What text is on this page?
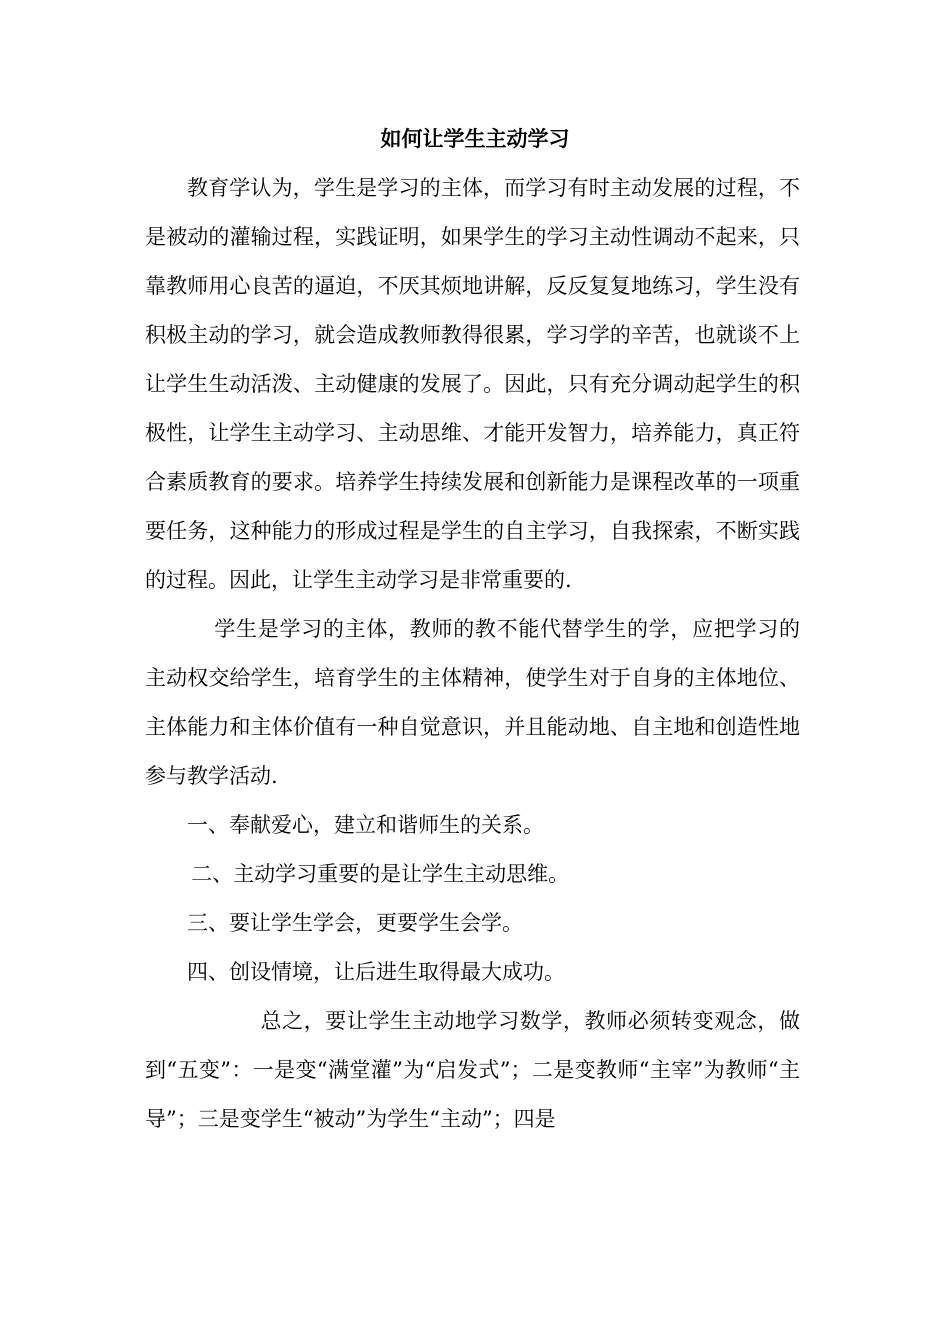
如何让学生主动学习

教育学认为，学生是学习的主体，而学习有时主动发展的过程，不是被动的灌输过程，实践证明，如果学生的学习主动性调动不起来，只靠教师用心良苦的逼迫，不厌其烦地讲解，反反复复地练习，学生没有积极主动的学习，就会造成教师教得很累，学习学的辛苦，也就谈不上让学生生动活泼、主动健康的发展了。因此，只有充分调动起学生的积极性，让学生主动学习、主动思维、才能开发智力，培养能力，真正符合素质教育的要求。培养学生持续发展和创新能力是课程改革的一项重要任务，这种能力的形成过程是学生的自主学习，自我探索，不断实践的过程。因此，让学生主动学习是非常重要的.

学生是学习的主体，教师的教不能代替学生的学，应把学习的主动权交给学生，培育学生的主体精神，使学生对于自身的主体地位、主体能力和主体价值有一种自觉意识，并且能动地、自主地和创造性地参与教学活动.

一、奉献爱心，建立和谐师生的关系。

二、主动学习重要的是让学生主动思维。

三、要让学生学会，更要学生会学。

四、创设情境，让后进生取得最大成功。

总之，要让学生主动地学习数学，教师必须转变观念，做到“五变”：一是变“满堂灌”为“启发式”；二是变教师“主宰”为教师“主导”；三是变学生“被动”为学生“主动”；四是
